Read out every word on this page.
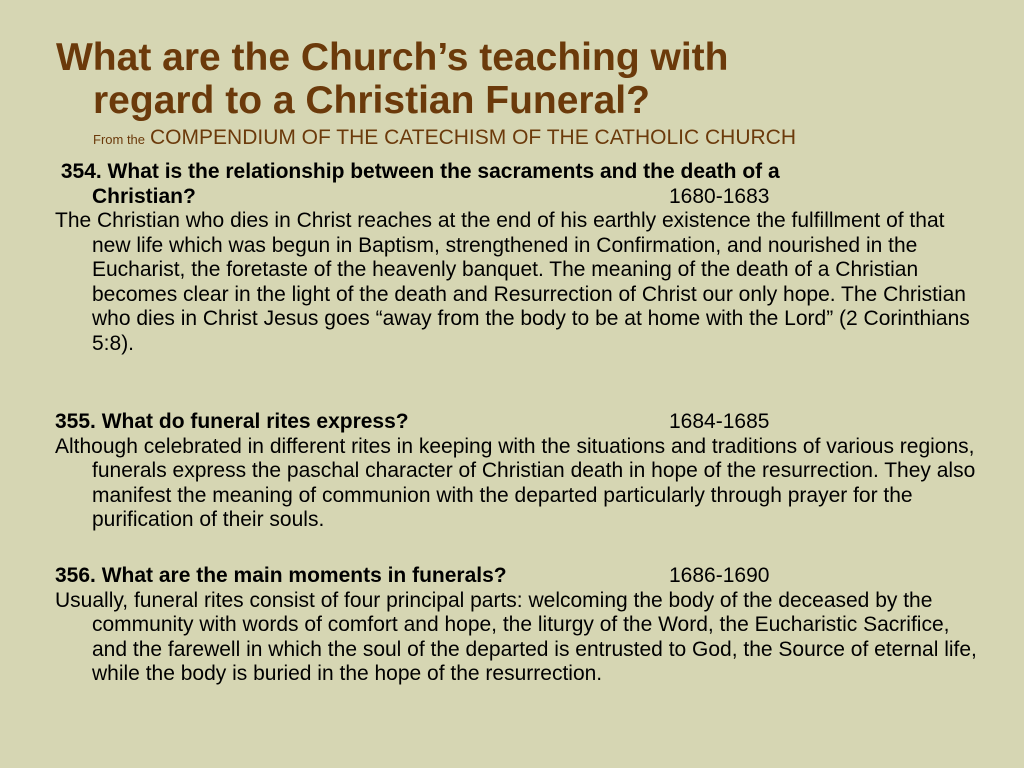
What are the Church’s teaching with
regard to a Christian Funeral?
From the COMPENDIUM OF THE CATECHISM OF THE CATHOLIC CHURCH
354. What is the relationship between the sacraments and the death of a
Christian?	1680-1683

The Christian who dies in Christ reaches at the end of his earthly existence the fulfillment of that new life which was begun in Baptism, strengthened in Confirmation, and nourished in the Eucharist, the foretaste of the heavenly banquet. The meaning of the death of a Christian becomes clear in the light of the death and Resurrection of Christ our only hope. The Christian who dies in Christ Jesus goes “away from the body to be at home with the Lord” (2 Corinthians 5:8).

355. What do funeral rites express?	1684-1685

Although celebrated in different rites in keeping with the situations and traditions of various regions, funerals express the paschal character of Christian death in hope of the resurrection. They also manifest the meaning of communion with the departed particularly through prayer for the purification of their souls.

356. What are the main moments in funerals?	1686-1690

Usually, funeral rites consist of four principal parts: welcoming the body of the deceased by the community with words of comfort and hope, the liturgy of the Word, the Eucharistic Sacrifice, and the farewell in which the soul of the departed is entrusted to God, the Source of eternal life, while the body is buried in the hope of the resurrection.
